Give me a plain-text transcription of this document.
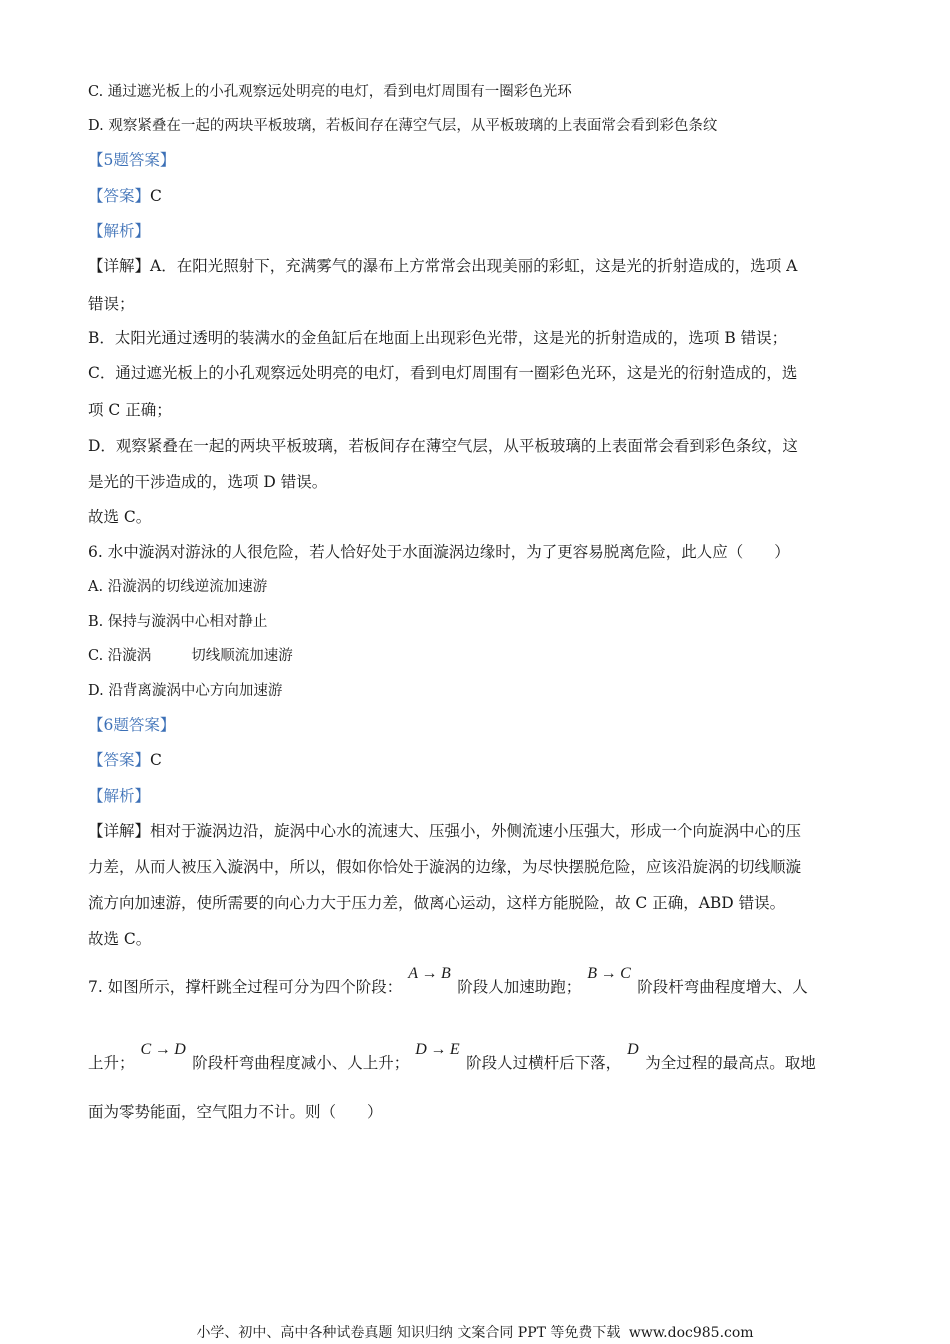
C. 通过遮光板上的小孔观察远处明亮的电灯，看到电灯周围有一圈彩色光环
D. 观察紧叠在一起的两块平板玻璃，若板间存在薄空气层，从平板玻璃的上表面常会看到彩色条纹
【5题答案】
【答案】C
【解析】
【详解】A．在阳光照射下，充满雾气的瀑布上方常常会出现美丽的彩虹，这是光的折射造成的，选项 A
错误；
B．太阳光通过透明的装满水的金鱼缸后在地面上出现彩色光带，这是光的折射造成的，选项 B 错误；
C．通过遮光板上的小孔观察远处明亮的电灯，看到电灯周围有一圈彩色光环，这是光的衍射造成的，选
项 C 正确；
D．观察紧叠在一起的两块平板玻璃，若板间存在薄空气层，从平板玻璃的上表面常会看到彩色条纹，这
是光的干涉造成的，选项 D 错误。
故选 C。
6. 水中漩涡对游泳的人很危险，若人恰好处于水面漩涡边缘时，为了更容易脱离危险，此人应（　　）
A. 沿漩涡的切线逆流加速游
B. 保持与漩涡中心相对静止
C. 沿漩涡	切线顺流加速游
D. 沿背离漩涡中心方向加速游
【6题答案】
【答案】C
【解析】
【详解】相对于漩涡边沿，旋涡中心水的流速大、压强小，外侧流速小压强大，形成一个向旋涡中心的压
力差，从而人被压入漩涡中，所以，假如你恰处于漩涡的边缘，为尽快摆脱危险，应该沿旋涡的切线顺漩
流方向加速游，使所需要的向心力大于压力差，做离心运动，这样方能脱险，故 C 正确，ABD 错误。
故选 C。
7. 如图所示，撑杆跳全过程可分为四个阶段：A → B阶段人加速助跑；B → C阶段杆弯曲程度增大、人
上升；C → D阶段杆弯曲程度减小、人上升；D → E阶段人过横杆后下落，D为全过程的最高点。取地
面为零势能面，空气阻力不计。则（　　）
小学、初中、高中各种试卷真题 知识归纳 文案合同 PPT 等免费下载 www.doc985.com
